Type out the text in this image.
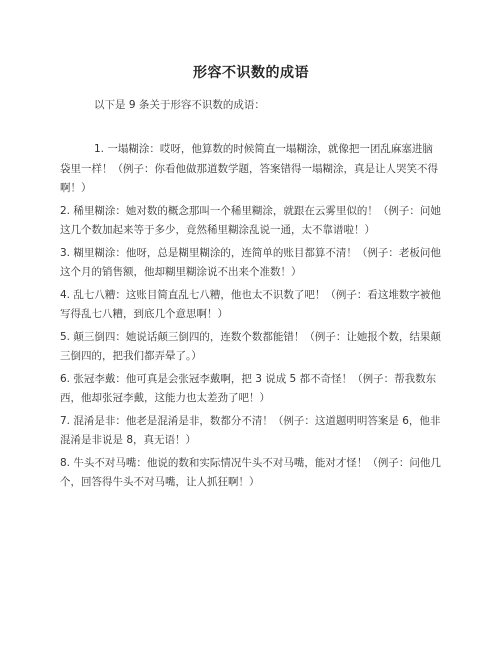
形容不识数的成语

以下是 9 条关于形容不识数的成语：

1. 一塌糊涂：哎呀，他算数的时候简直一塌糊涂，就像把一团乱麻塞进脑袋里一样！（例子：你看他做那道数学题，答案错得一塌糊涂，真是让人哭笑不得啊！）
2. 稀里糊涂：她对数的概念那叫一个稀里糊涂，就跟在云雾里似的！（例子：问她这几个数加起来等于多少，竟然稀里糊涂乱说一通，太不靠谱啦！）
3. 糊里糊涂：他呀，总是糊里糊涂的，连简单的账目都算不清！（例子：老板问他这个月的销售额，他却糊里糊涂说不出来个准数！）
4. 乱七八糟：这账目简直乱七八糟，他也太不识数了吧！（例子：看这堆数字被他写得乱七八糟，到底几个意思啊！）
5. 颠三倒四：她说话颠三倒四的，连数个数都能错！（例子：让她报个数，结果颠三倒四的，把我们都弄晕了。）
6. 张冠李戴：他可真是会张冠李戴啊，把 3 说成 5 都不奇怪！（例子：帮我数东西，他却张冠李戴，这能力也太差劲了吧！）
7. 混淆是非：他老是混淆是非，数都分不清！（例子：这道题明明答案是 6，他非混淆是非说是 8，真无语！）
8. 牛头不对马嘴：他说的数和实际情况牛头不对马嘴，能对才怪！（例子：问他几个，回答得牛头不对马嘴，让人抓狂啊！）
